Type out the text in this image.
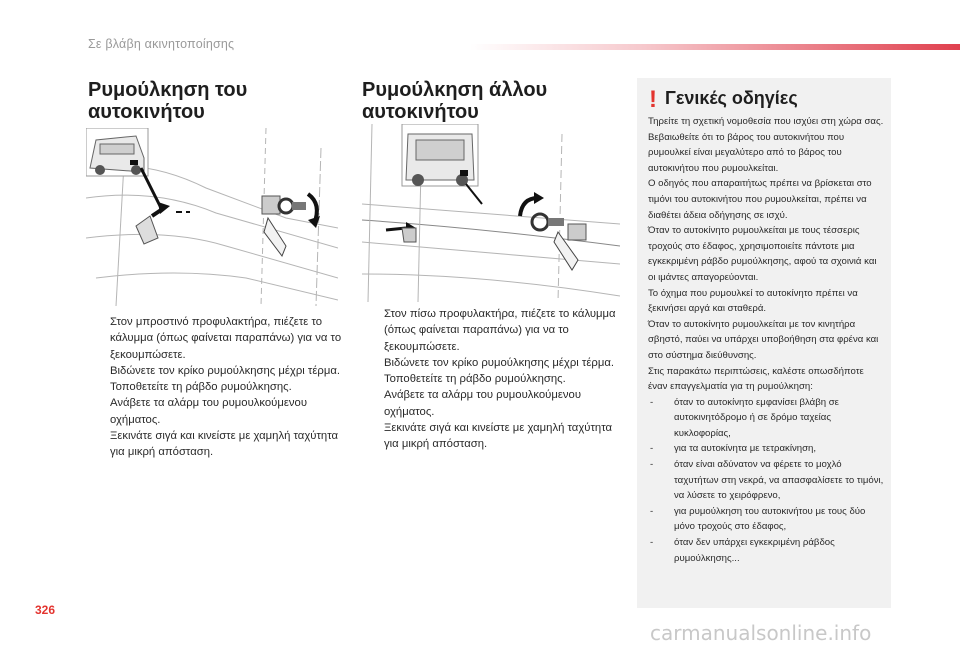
Σε βλάβη ακινητοποίησης
Ρυμούλκηση του
αυτοκινήτου
Στον μπροστινό προφυλακτήρα, πιέζετε το κάλυμμα (όπως φαίνεται παραπάνω) για να το ξεκουμπώσετε.
Βιδώνετε τον κρίκο ρυμούλκησης μέχρι τέρμα.
Τοποθετείτε τη ράβδο ρυμούλκησης.
Ανάβετε τα αλάρμ του ρυμουλκούμενου οχήματος.
Ξεκινάτε σιγά και κινείστε με χαμηλή ταχύτητα για μικρή απόσταση.
Ρυμούλκηση άλλου
αυτοκινήτου
Στον πίσω προφυλακτήρα, πιέζετε το κάλυμμα (όπως φαίνεται παραπάνω) για να το ξεκουμπώσετε.
Βιδώνετε τον κρίκο ρυμούλκησης μέχρι τέρμα.
Τοποθετείτε τη ράβδο ρυμούλκησης.
Ανάβετε τα αλάρμ του ρυμουλκούμενου οχήματος.
Ξεκινάτε σιγά και κινείστε με χαμηλή ταχύτητα για μικρή απόσταση.
! Γενικές οδηγίες

Τηρείτε τη σχετική νομοθεσία που ισχύει στη χώρα σας.

Βεβαιωθείτε ότι το βάρος του αυτοκινήτου που ρυμουλκεί είναι μεγαλύτερο από το βάρος του αυτοκινήτου που ρυμουλκείται.

Ο οδηγός που απαραιτήτως πρέπει να βρίσκεται στο τιμόνι του αυτοκινήτου που ρυμουλκείται, πρέπει να διαθέτει άδεια οδήγησης σε ισχύ.

Όταν το αυτοκίνητο ρυμουλκείται με τους τέσσερις τροχούς στο έδαφος, χρησιμοποιείτε πάντοτε μια εγκεκριμένη ράβδο ρυμούλκησης, αφού τα σχοινιά και οι ιμάντες απαγορεύονται.

Το όχημα που ρυμουλκεί το αυτοκίνητο πρέπει να ξεκινήσει αργά και σταθερά.

Όταν το αυτοκίνητο ρυμουλκείται με τον κινητήρα σβηστό, παύει να υπάρχει υποβοήθηση στα φρένα και στο σύστημα διεύθυνσης.

Στις παρακάτω περιπτώσεις, καλέστε οπωσδήποτε έναν επαγγελματία για τη ρυμούλκηση:

- όταν το αυτοκίνητο εμφανίσει βλάβη σε αυτοκινητόδρομο ή σε δρόμο ταχείας κυκλοφορίας,
- για τα αυτοκίνητα με τετρακίνηση,
- όταν είναι αδύνατον να φέρετε το μοχλό ταχυτήτων στη νεκρά, να απασφαλίσετε το τιμόνι, να λύσετε το χειρόφρενο,
- για ρυμούλκηση του αυτοκινήτου με τους δύο μόνο τροχούς στο έδαφος,
- όταν δεν υπάρχει εγκεκριμένη ράβδος ρυμούλκησης...
326
carmanualsonline.info
